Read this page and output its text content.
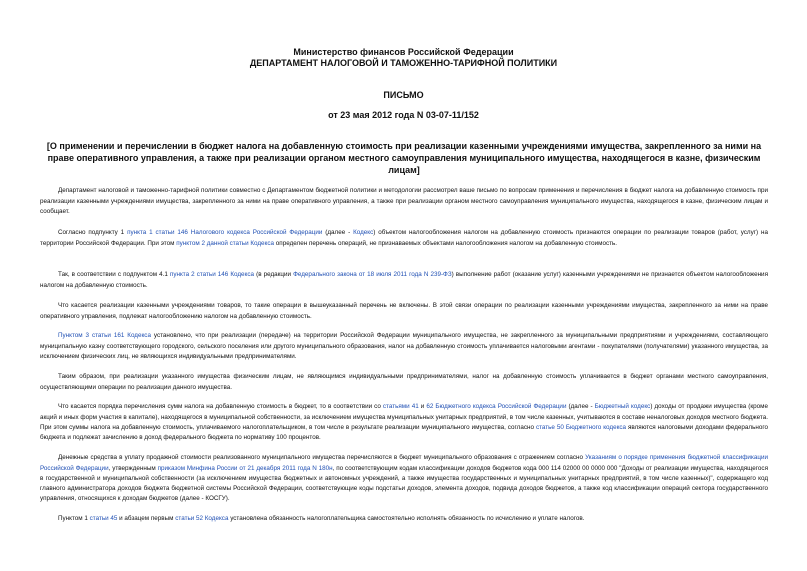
Министерство финансов Российской Федерации
ДЕПАРТАМЕНТ НАЛОГОВОЙ И ТАМОЖЕННО-ТАРИФНОЙ ПОЛИТИКИ
ПИСЬМО
от 23 мая 2012 года N 03-07-11/152
[О применении и перечислении в бюджет налога на добавленную стоимость при реализации казенными учреждениями имущества, закрепленного за ними на праве оперативного управления, а также при реализации органом местного самоуправления муниципального имущества, находящегося в казне, физическим лицам]

Департамент налоговой и таможенно-тарифной политики совместно с Департаментом бюджетной политики и методологии рассмотрел ваше письмо по вопросам применения и перечисления в бюджет налога на добавленную стоимость при реализации казенными учреждениями имущества, закрепленного за ними на праве оперативного управления, а также при реализации органом местного самоуправления муниципального имущества, находящегося в казне, физическим лицам и сообщает.

Согласно подпункту 1 пункта 1 статьи 146 Налогового кодекса Российской Федерации (далее - Кодекс) объектом налогообложения налогом на добавленную стоимость признаются операции по реализации товаров (работ, услуг) на территории Российской Федерации. При этом пунктом 2 данной статьи Кодекса определен перечень операций, не признаваемых объектами налогообложения налогом на добавленную стоимость.

Так, в соответствии с подпунктом 4.1 пункта 2 статьи 146 Кодекса (в редакции Федерального закона от 18 июля 2011 года N 239-ФЗ) выполнение работ (оказание услуг) казенными учреждениями не признается объектом налогообложения налогом на добавленную стоимость.

Что касается реализации казенными учреждениями товаров, то такие операции в вышеуказанный перечень не включены. В этой связи операции по реализации казенными учреждениями имущества, закрепленного за ними на праве оперативного управления, подлежат налогообложению налогом на добавленную стоимость.

Пунктом 3 статьи 161 Кодекса установлено, что при реализации (передаче) на территории Российской Федерации муниципального имущества, не закрепленного за муниципальными предприятиями и учреждениями, составляющего муниципальную казну соответствующего городского, сельского поселения или другого муниципального образования, налог на добавленную стоимость уплачивается налоговыми агентами - покупателями (получателями) указанного имущества, за исключением физических лиц, не являющихся индивидуальными предпринимателями.

Таким образом, при реализации указанного имущества физическим лицам, не являющимся индивидуальными предпринимателями, налог на добавленную стоимость уплачивается в бюджет органами местного самоуправления, осуществляющими операции по реализации данного имущества.

Что касается порядка перечисления сумм налога на добавленную стоимость в бюджет, то в соответствии со статьями 41 и 62 Бюджетного кодекса Российской Федерации (далее - Бюджетный кодекс) доходы от продажи имущества (кроме акций и иных форм участия в капитале), находящегося в муниципальной собственности, за исключением имущества муниципальных унитарных предприятий, в том числе казенных, учитываются в составе неналоговых доходов местного бюджета. При этом суммы налога на добавленную стоимость, уплачиваемого налогоплательщиком, в том числе в результате реализации муниципального имущества, согласно статье 50 Бюджетного кодекса являются налоговыми доходами федерального бюджета и подлежат зачислению в доход федерального бюджета по нормативу 100 процентов.

Денежные средства в уплату продажной стоимости реализованного муниципального имущества перечисляются в бюджет муниципального образования с отражением согласно Указаниям о порядке применения бюджетной классификации Российской Федерации, утвержденным приказом Минфина России от 21 декабря 2011 года N 180н, по соответствующим кодам классификации доходов бюджетов кода 000 114 02000 00 0000 000 "Доходы от реализации имущества, находящегося в государственной и муниципальной собственности (за исключением имущества бюджетных и автономных учреждений, а также имущества государственных и муниципальных унитарных предприятий, в том числе казенных)", содержащего код главного администратора доходов бюджета бюджетной системы Российской Федерации, соответствующие коды подстатьи доходов, элемента доходов, подвида доходов бюджетов, а также код классификации операций сектора государственного управления, относящихся к доходам бюджетов (далее - КОСГУ).

Пунктом 1 статьи 45 и абзацем первым статьи 52 Кодекса установлена обязанность налогоплательщика самостоятельно исполнять обязанность по исчислению и уплате налогов.
